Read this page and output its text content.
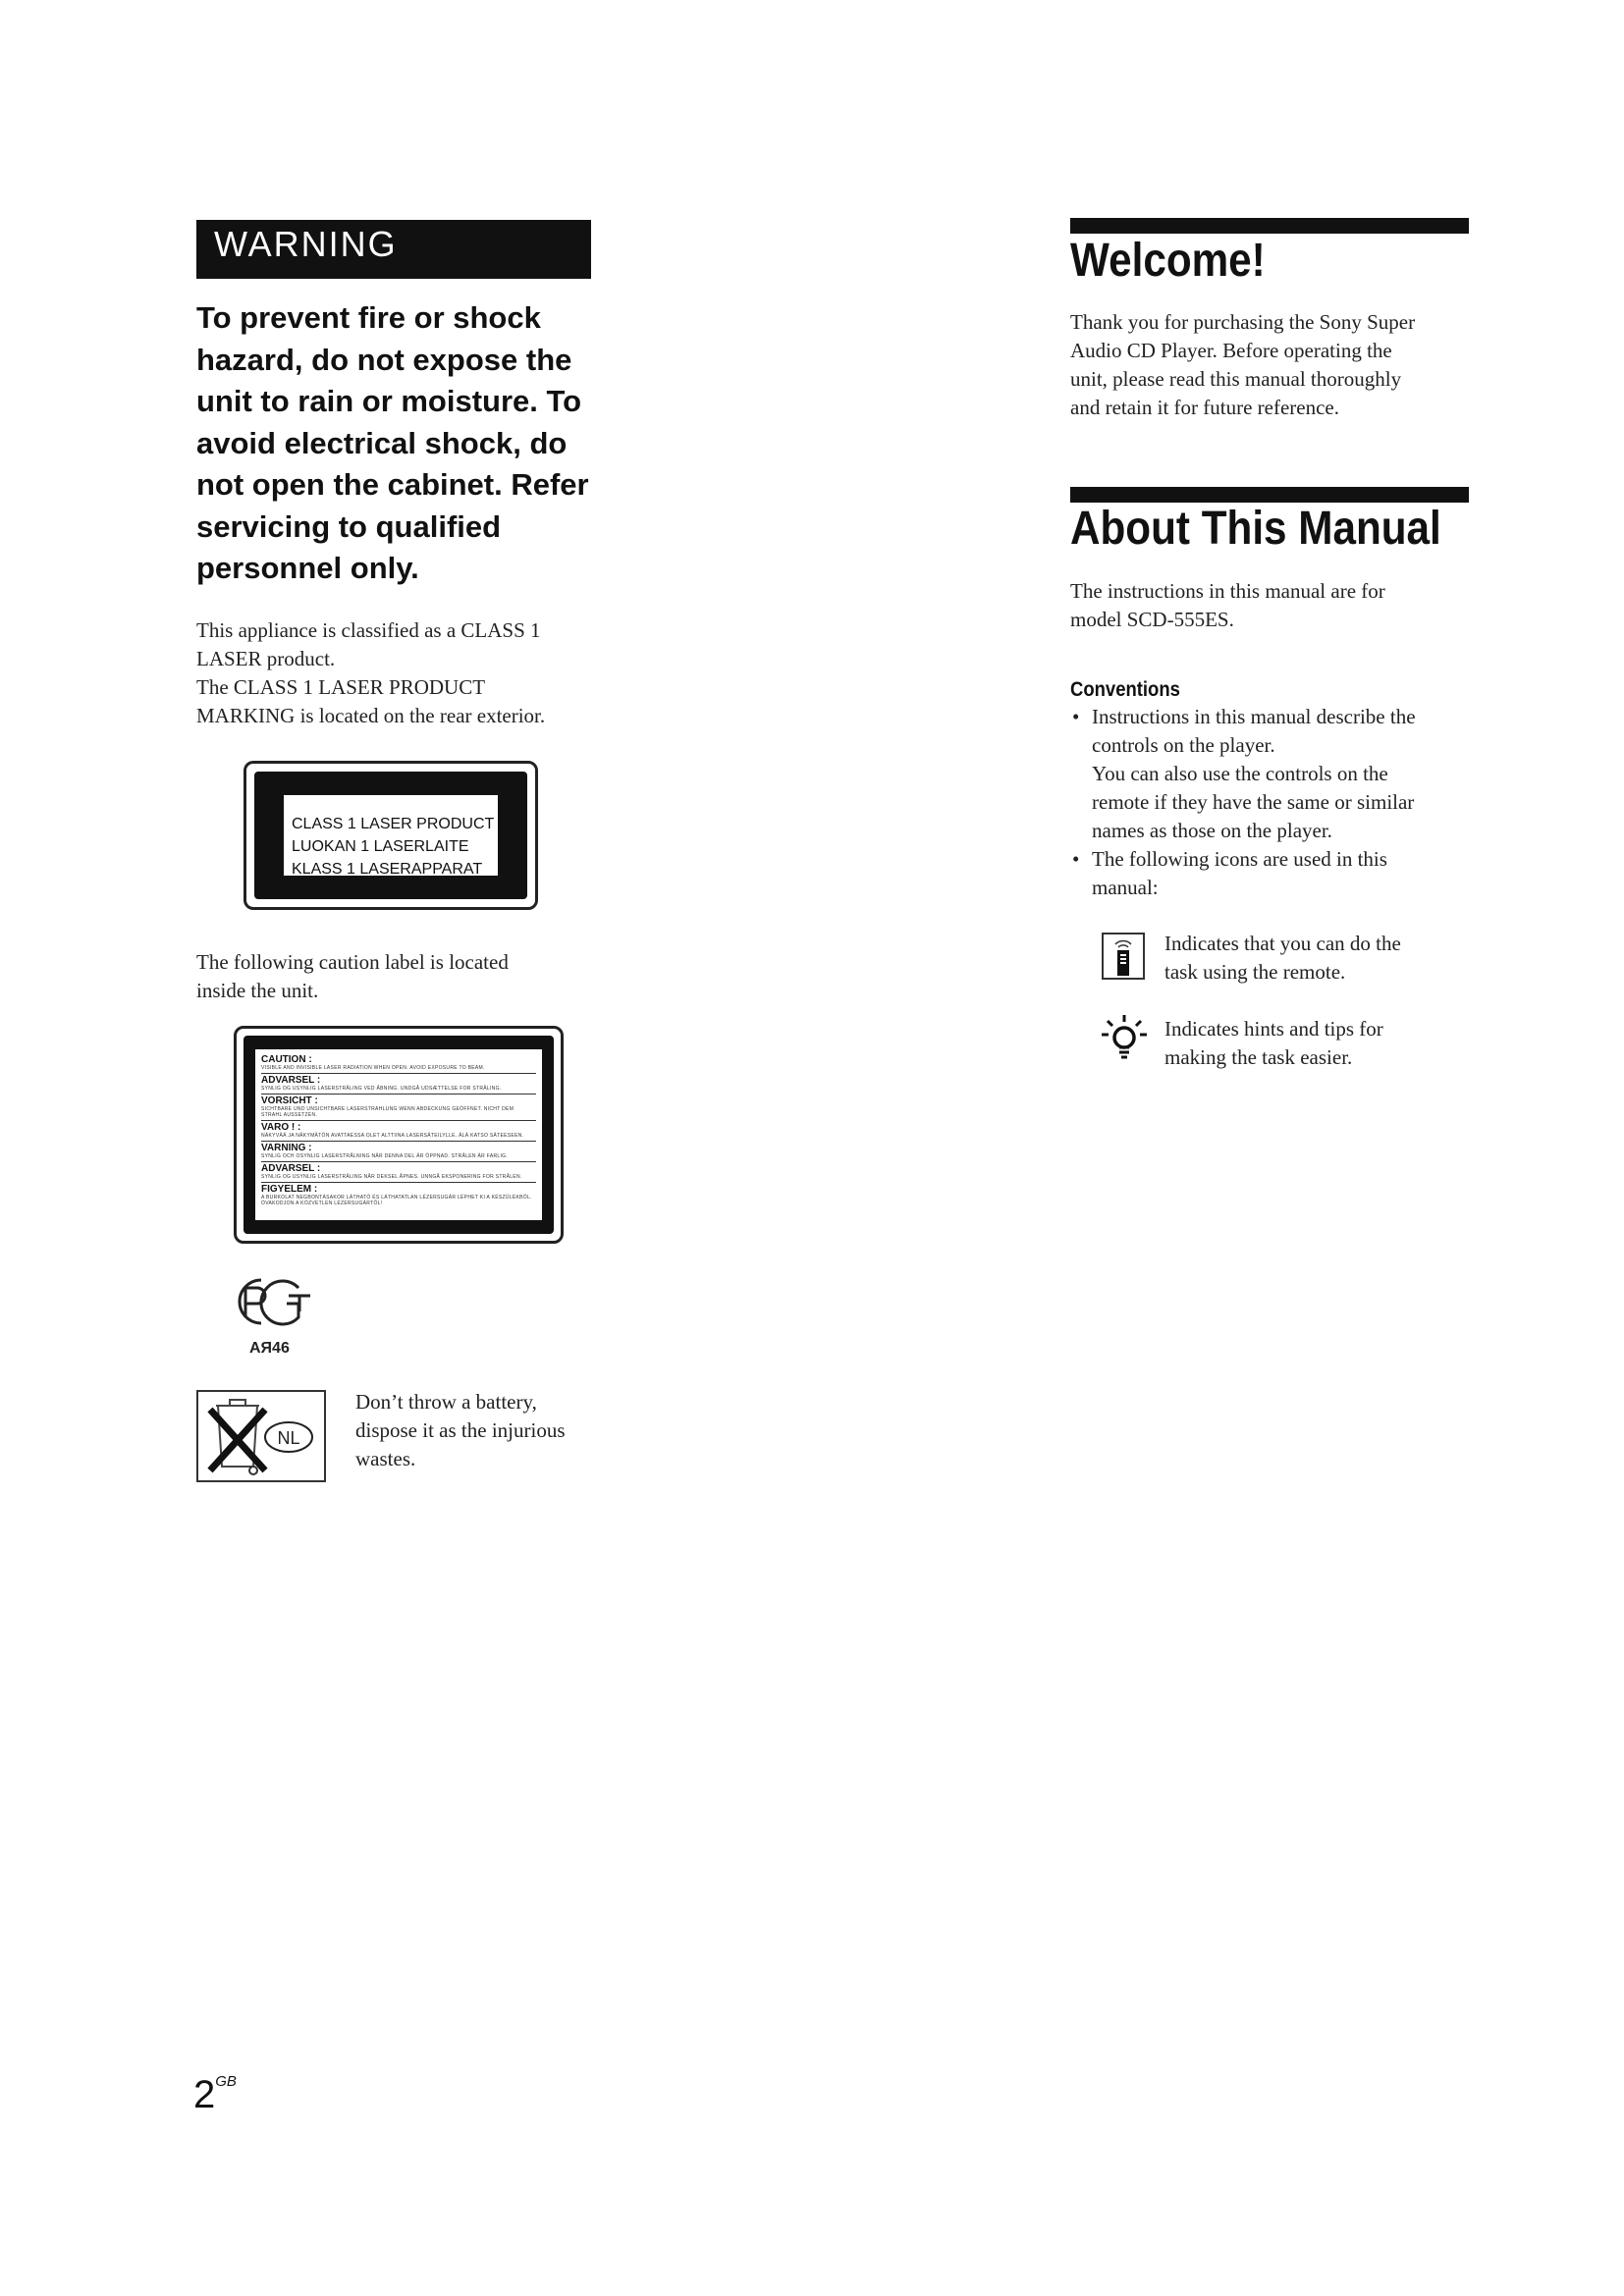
WARNING
To prevent fire or shock hazard, do not expose the unit to rain or moisture. To avoid electrical shock, do not open the cabinet. Refer servicing to qualified personnel only.
This appliance is classified as a CLASS 1
LASER product.
The CLASS 1 LASER PRODUCT
MARKING is located on the rear exterior.
CLASS 1 LASER PRODUCT
LUOKAN 1 LASERLAITE
KLASS 1 LASERAPPARAT
The following caution label is located
inside the unit.
CAUTION :
VISIBLE AND INVISIBLE LASER RADIATION WHEN OPEN. AVOID EXPOSURE TO BEAM.
ADVARSEL :
SYNLIG OG USYNLIG LASERSTRÅLING VED ÅBNING. UNDGÅ UDSÆTTELSE FOR STRÅLING.
VORSICHT :
SICHTBARE UND UNSICHTBARE LASERSTRAHLUNG WENN ABDECKUNG GEÖFFNET. NICHT DEM STRAHL AUSSETZEN.
VARO ! :
NÄKYVÄÄ JA NÄKYMÄTÖN AVATTAESSA OLET ALTTIINA LASERSÄTEILYLLE. ÄLÄ KATSO SÄTEESEEN.
VARNING :
SYNLIG OCH OSYNLIG LASERSTRÅLNING NÄR DENNA DEL ÄR ÖPPNAD. STRÅLEN ÄR FARLIG.
ADVARSEL :
SYNLIG OG USYNLIG LASERSTRÅLING NÅR DEKSEL ÅPNES. UNNGÅ EKSPONERING FOR STRÅLEN.
FIGYELEM :
A BURKOLAT NEGBONTÁSAKOR LÁTHATÓ ÉS LÁTHATATLAN LÉZERSUGÁR LÉPHET KI A KÉSZÜLÉKBŐL. ÓVAKODJON A KÖZVETLEN LÉZERSUGÁRTÓL!
AЯ46
NL
Don’t throw a battery,
dispose it as the injurious
wastes.
Welcome!
Thank you for purchasing the Sony Super
Audio CD Player. Before operating the
unit, please read this manual thoroughly
and retain it for future reference.
About This Manual
The instructions in this manual are for
model SCD-555ES.
Conventions
• Instructions in this manual describe the

controls on the player.

You can also use the controls on the

remote if they have the same or similar

names as those on the player.

• The following icons are used in this

manual:

Indicates that you can do the
task using the remote.
Indicates hints and tips for
making the task easier.
$2^{GB}$
